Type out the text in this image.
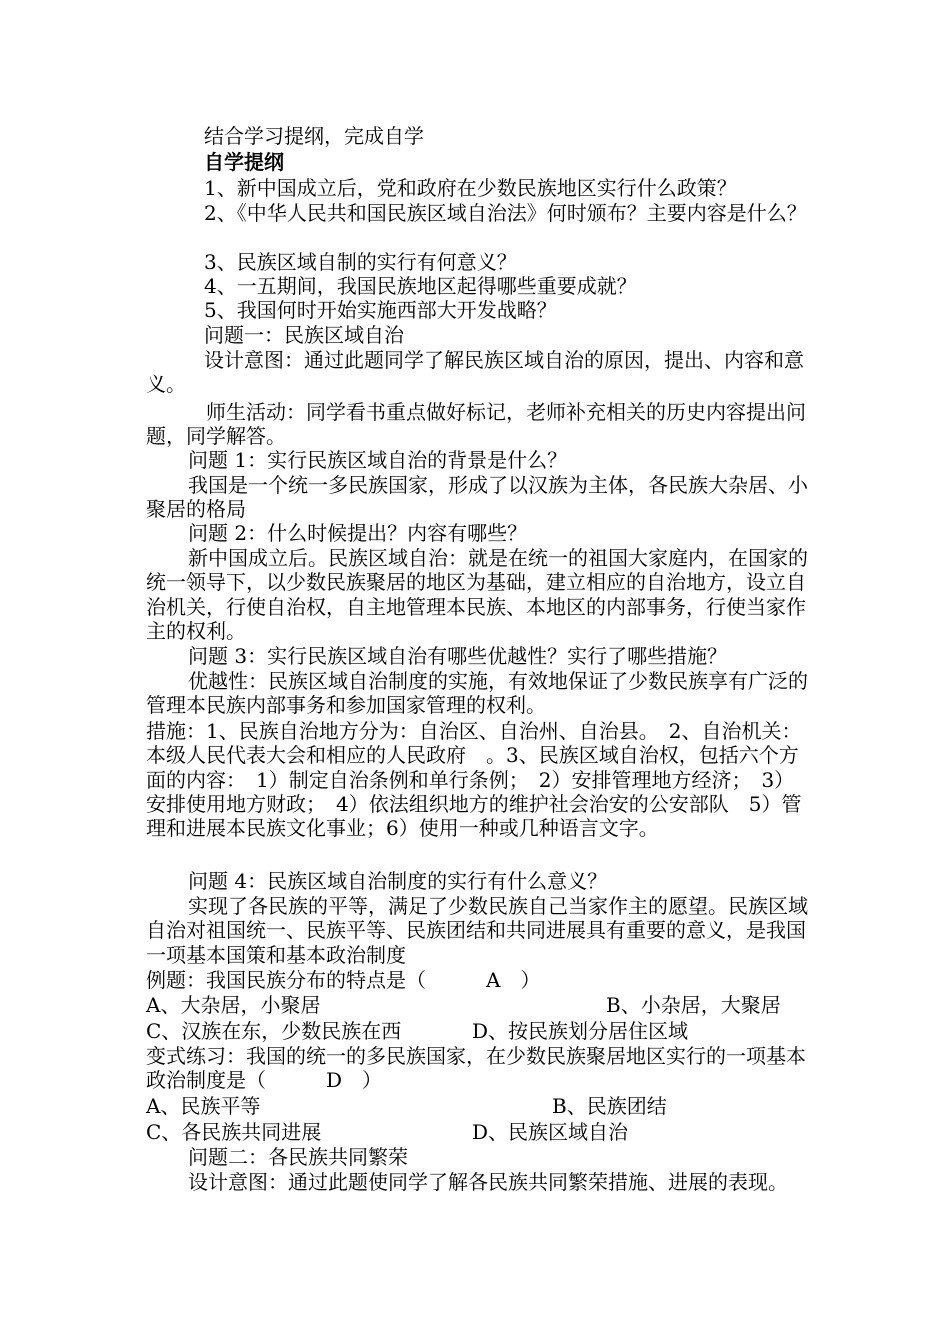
结合学习提纲，完成自学

自学提纲

1、新中国成立后，党和政府在少数民族地区实行什么政策？

2、《中华人民共和国民族区域自治法》何时颁布？主要内容是什么？

3、民族区域自制的实行有何意义？

4、一五期间，我国民族地区起得哪些重要成就？

5、我国何时开始实施西部大开发战略？

问题一：民族区域自治

设计意图：通过此题同学了解民族区域自治的原因，提出、内容和意义。

师生活动：同学看书重点做好标记，老师补充相关的历史内容提出问题，同学解答。

问题 1：实行民族区域自治的背景是什么？

我国是一个统一多民族国家，形成了以汉族为主体，各民族大杂居、小聚居的格局

问题 2：什么时候提出？内容有哪些？

新中国成立后。民族区域自治：就是在统一的祖国大家庭内，在国家的统一领导下，以少数民族聚居的地区为基础，建立相应的自治地方，设立自治机关，行使自治权，自主地管理本民族、本地区的内部事务，行使当家作主的权利。

问题 3：实行民族区域自治有哪些优越性？实行了哪些措施？

优越性：民族区域自治制度的实施，有效地保证了少数民族享有广泛的管理本民族内部事务和参加国家管理的权利。

措施：1、民族自治地方分为：自治区、自治州、自治县。　2、自治机关：本级人民代表大会和相应的人民政府　。3、民族区域自治权，包括六个方面的内容：　1）制定自治条例和单行条例；　2）安排管理地方经济；　3）安排使用地方财政；　4）依法组织地方的维护社会治安的公安部队　5）管理和进展本民族文化事业；6）使用一种或几种语言文字。

问题 4：民族区域自治制度的实行有什么意义？

实现了各民族的平等，满足了少数民族自己当家作主的愿望。民族区域自治对祖国统一、民族平等、民族团结和共同进展具有重要的意义，是我国一项基本国策和基本政治制度

例题：我国民族分布的特点是（　　　A　）

A、大杂居，小聚居	B、小杂居，大聚居
C、汉族在东，少数民族在西	D、按民族划分居住区域

变式练习：我国的统一的多民族国家，在少数民族聚居地区实行的一项基本政治制度是（　　　D　）

A、民族平等	B、民族团结
C、各民族共同进展	D、民族区域自治

问题二：各民族共同繁荣

设计意图：通过此题使同学了解各民族共同繁荣措施、进展的表现。
